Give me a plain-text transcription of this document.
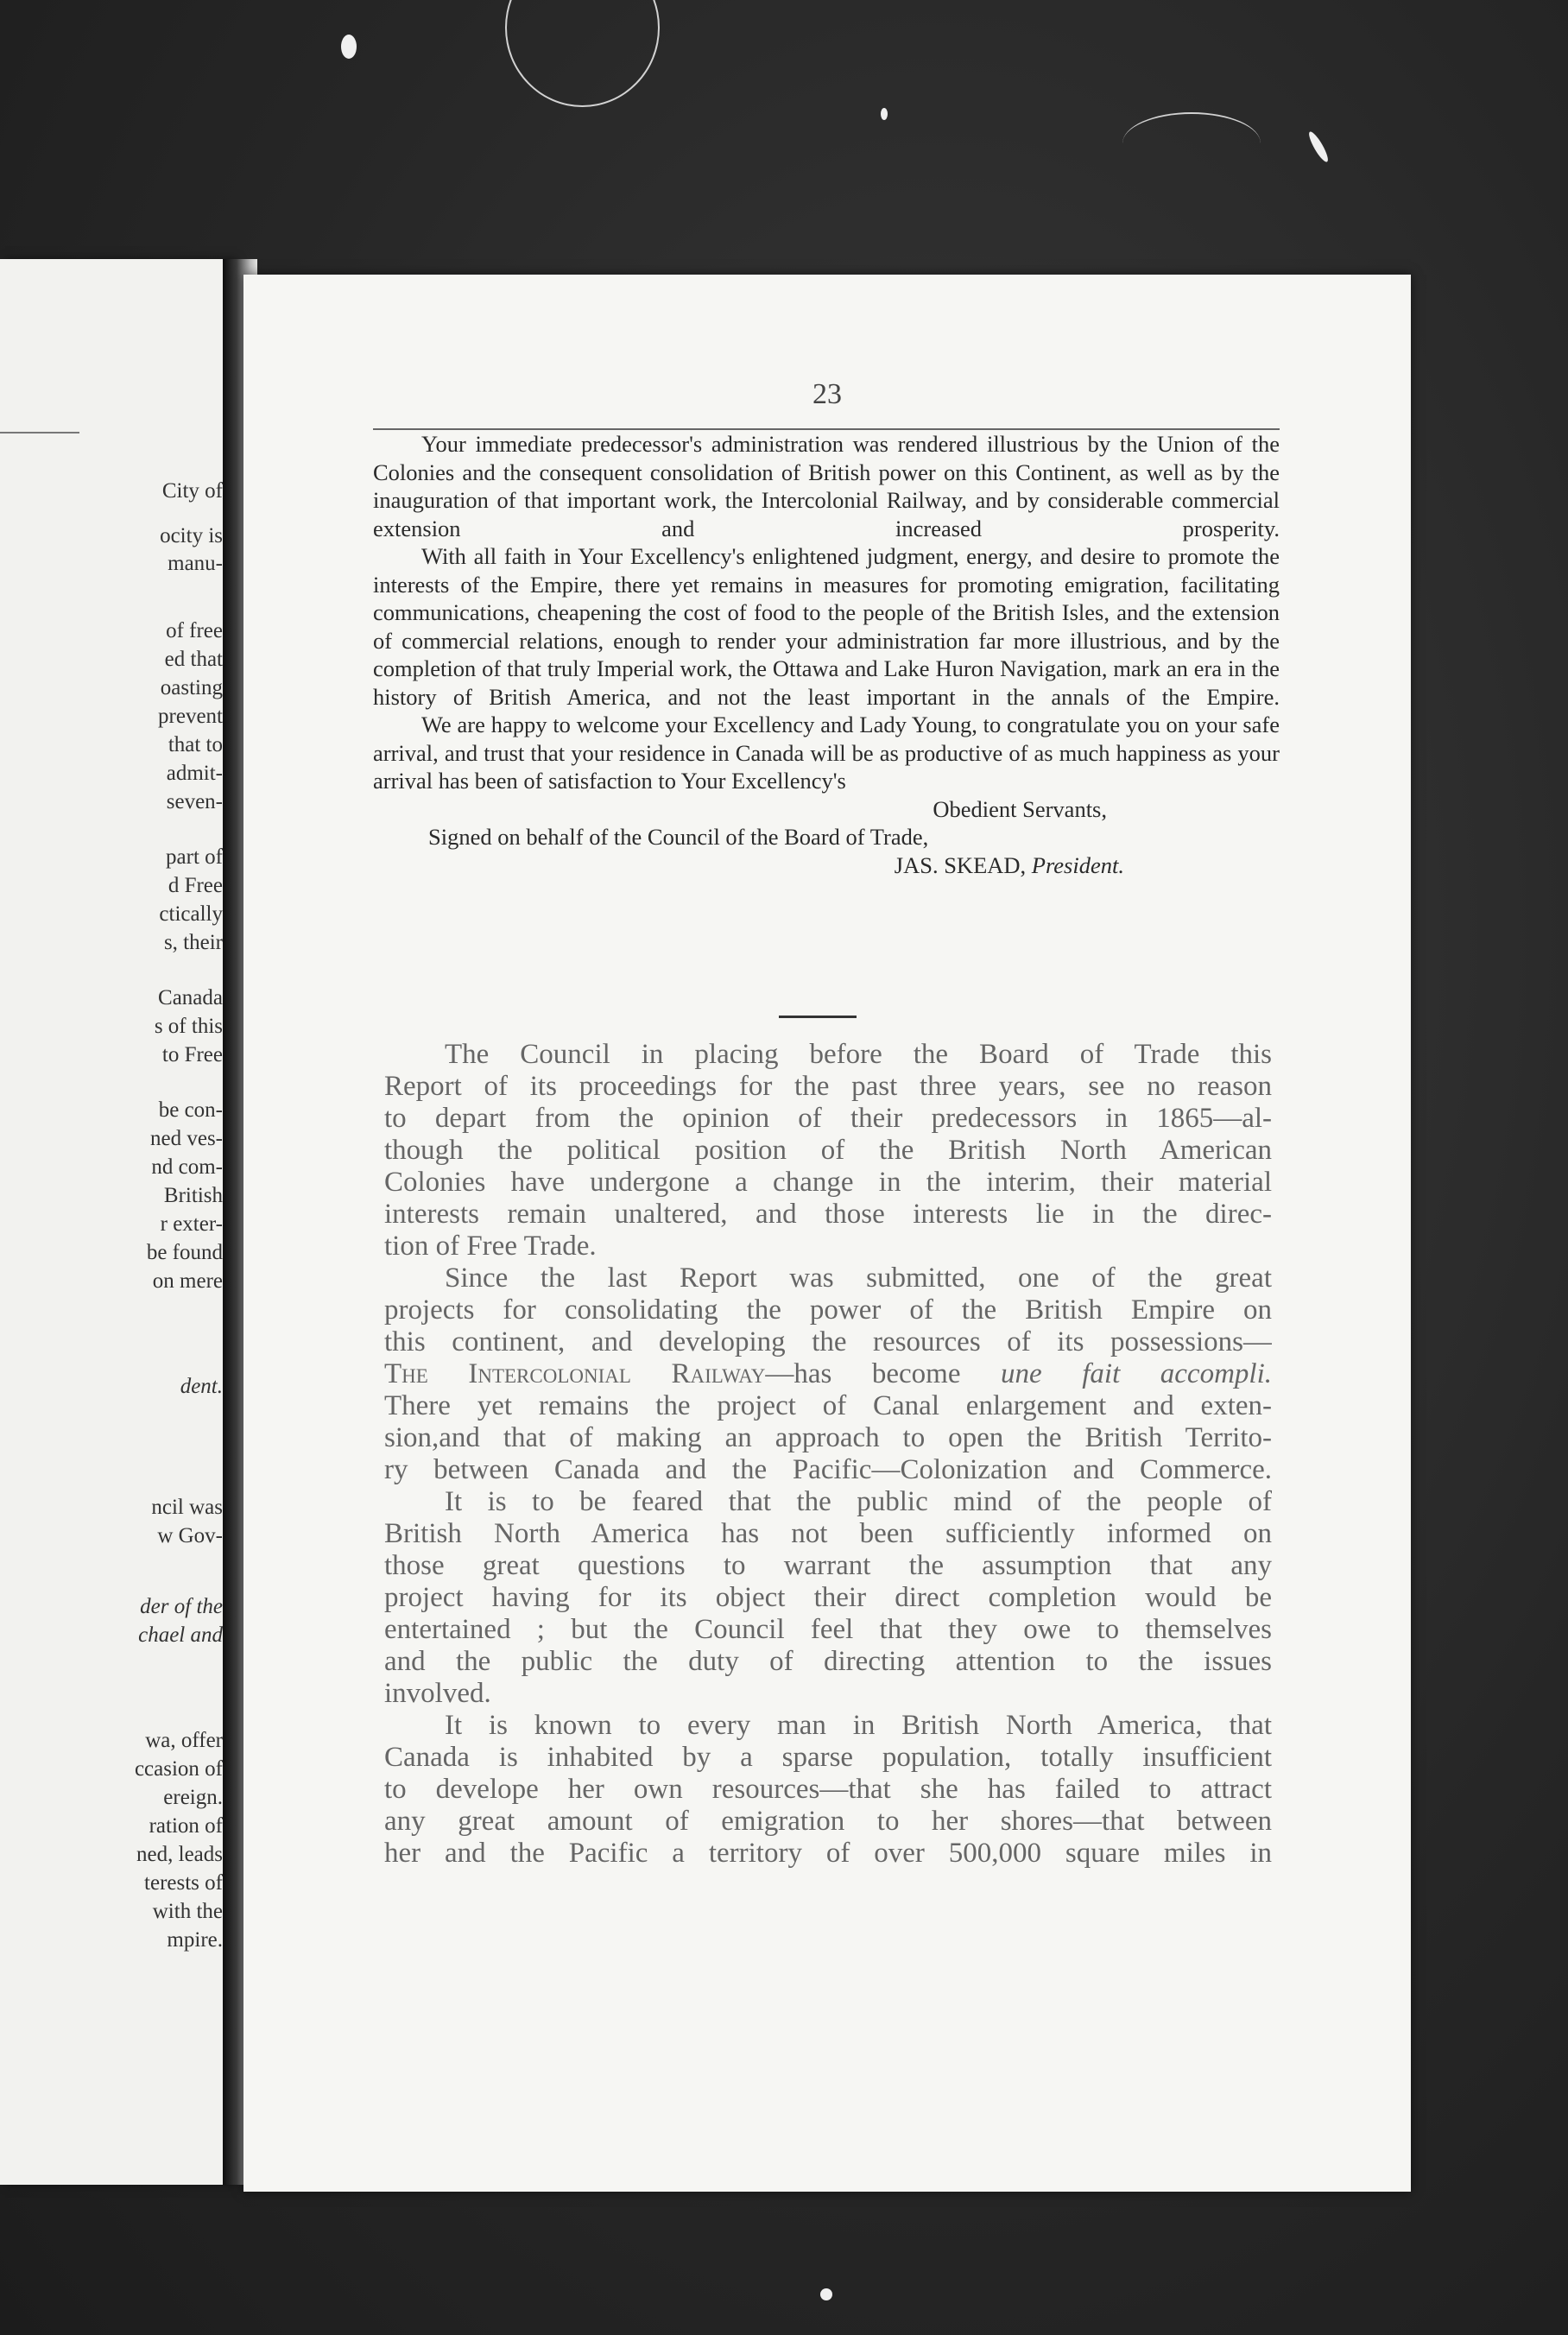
City of
ocity is
manu-
of free
ed that
oasting
prevent
that to
admit-
seven-
part of
d Free
ctically
s, their
Canada
s of this
to Free
be con-
ned ves-
nd com-
British
r exter-
be found
on mere
dent.
ncil was
w Gov-
der of the
chael and
wa, offer
ccasion of
ereign.
ration of
ned, leads
terests of
with the
mpire.
23
Your immediate predecessor's administration was rendered illustrious by the Union of the Colonies and the consequent consolidation of British power on this Continent, as well as by the inauguration of that important work, the Intercolonial Railway, and by considerable commercial extension and increased prosperity.
With all faith in Your Excellency's enlightened judgment, energy, and desire to promote the interests of the Empire, there yet remains in measures for promoting emigration, facilitating communications, cheapening the cost of food to the people of the British Isles, and the extension of commercial relations, enough to render your administration far more illustrious, and by the completion of that truly Imperial work, the Ottawa and Lake Huron Navigation, mark an era in the history of British America, and not the least important in the annals of the Empire.
We are happy to welcome your Excellency and Lady Young, to congratulate you on your safe arrival, and trust that your residence in Canada will be as productive of as much happiness as your arrival has been of satisfaction to Your Excellency's
Obedient Servants,
Signed on behalf of the Council of the Board of Trade,
JAS. SKEAD, President.
The Council in placing before the Board of Trade this
Report of its proceedings for the past three years, see no reason
to depart from the opinion of their predecessors in 1865—al-
though the political position of the British North American
Colonies have undergone a change in the interim, their material
interests remain unaltered, and those interests lie in the direc-
tion of Free Trade.
Since the last Report was submitted, one of the great
projects for consolidating the power of the British Empire on
this continent, and developing the resources of its possessions—
The Intercolonial Railway—has become une fait accompli.
There yet remains the project of Canal enlargement and exten-
sion,and that of making an approach to open the British Territo-
ry between Canada and the Pacific—Colonization and Commerce.
It is to be feared that the public mind of the people of
British North America has not been sufficiently informed on
those great questions to warrant the assumption that any
project having for its object their direct completion would be
entertained ; but the Council feel that they owe to themselves
and the public the duty of directing attention to the issues
involved.
It is known to every man in British North America, that
Canada is inhabited by a sparse population, totally insufficient
to develope her own resources—that she has failed to attract
any great amount of emigration to her shores—that between
her and the Pacific a territory of over 500,000 square miles in
